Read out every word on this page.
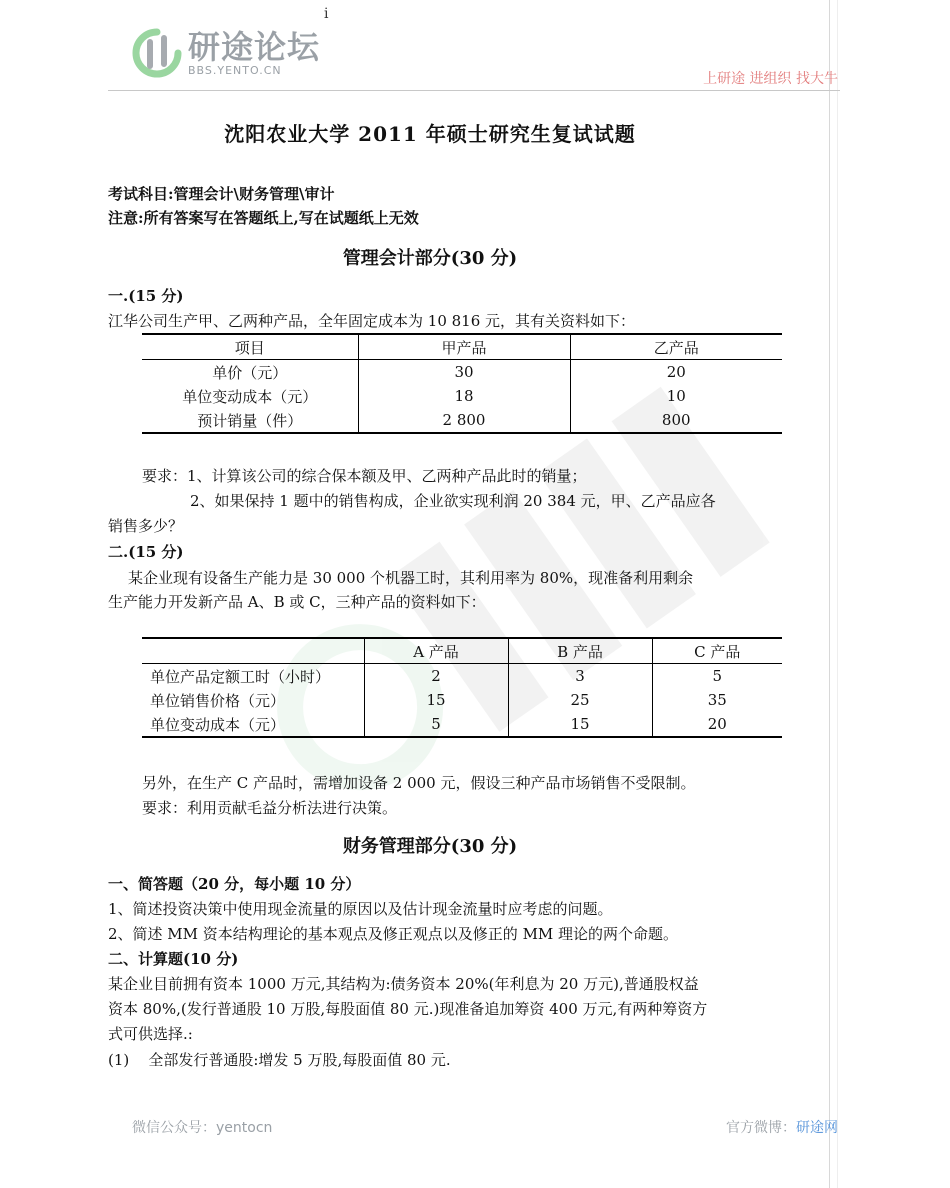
ⅰ
研途论坛
BBS.YENTO.CN
上研途 进组织 找大牛
沈阳农业大学 2011 年硕士研究生复试试题
考试科目:管理会计\财务管理\审计
注意:所有答案写在答题纸上,写在试题纸上无效
管理会计部分(30 分)
一.(15 分)
江华公司生产甲、乙两种产品，全年固定成本为 10 816 元，其有关资料如下：
项目	甲产品	乙产品
单价（元）	30	20
单位变动成本（元）	18	10
预计销量（件）	2 800	800
要求：1、计算该公司的综合保本额及甲、乙两种产品此时的销量；
2、如果保持 1 题中的销售构成，企业欲实现利润 20 384 元，甲、乙产品应各
销售多少？
二.(15 分)
某企业现有设备生产能力是 30 000 个机器工时，其利用率为 80%，现准备利用剩余
生产能力开发新产品 A、B 或 C，三种产品的资料如下：
	A 产品	B 产品	C 产品
单位产品定额工时（小时）	2	3	5
单位销售价格（元）	15	25	35
单位变动成本（元）	5	15	20
另外，在生产 C 产品时，需增加设备 2 000 元，假设三种产品市场销售不受限制。
要求：利用贡献毛益分析法进行决策。
财务管理部分(30 分)
一、简答题（20 分，每小题 10 分）
1、简述投资决策中使用现金流量的原因以及估计现金流量时应考虑的问题。
2、简述 MM 资本结构理论的基本观点及修正观点以及修正的 MM 理论的两个命题。
二、计算题(10 分)
某企业目前拥有资本 1000 万元,其结构为:债务资本 20%(年利息为 20 万元),普通股权益
资本 80%,(发行普通股 10 万股,每股面值 80 元.)现准备追加筹资 400 万元,有两种筹资方
式可供选择.:
(1)    全部发行普通股:增发 5 万股,每股面值 80 元.
微信公众号：yentocn	官方微博：研途网
